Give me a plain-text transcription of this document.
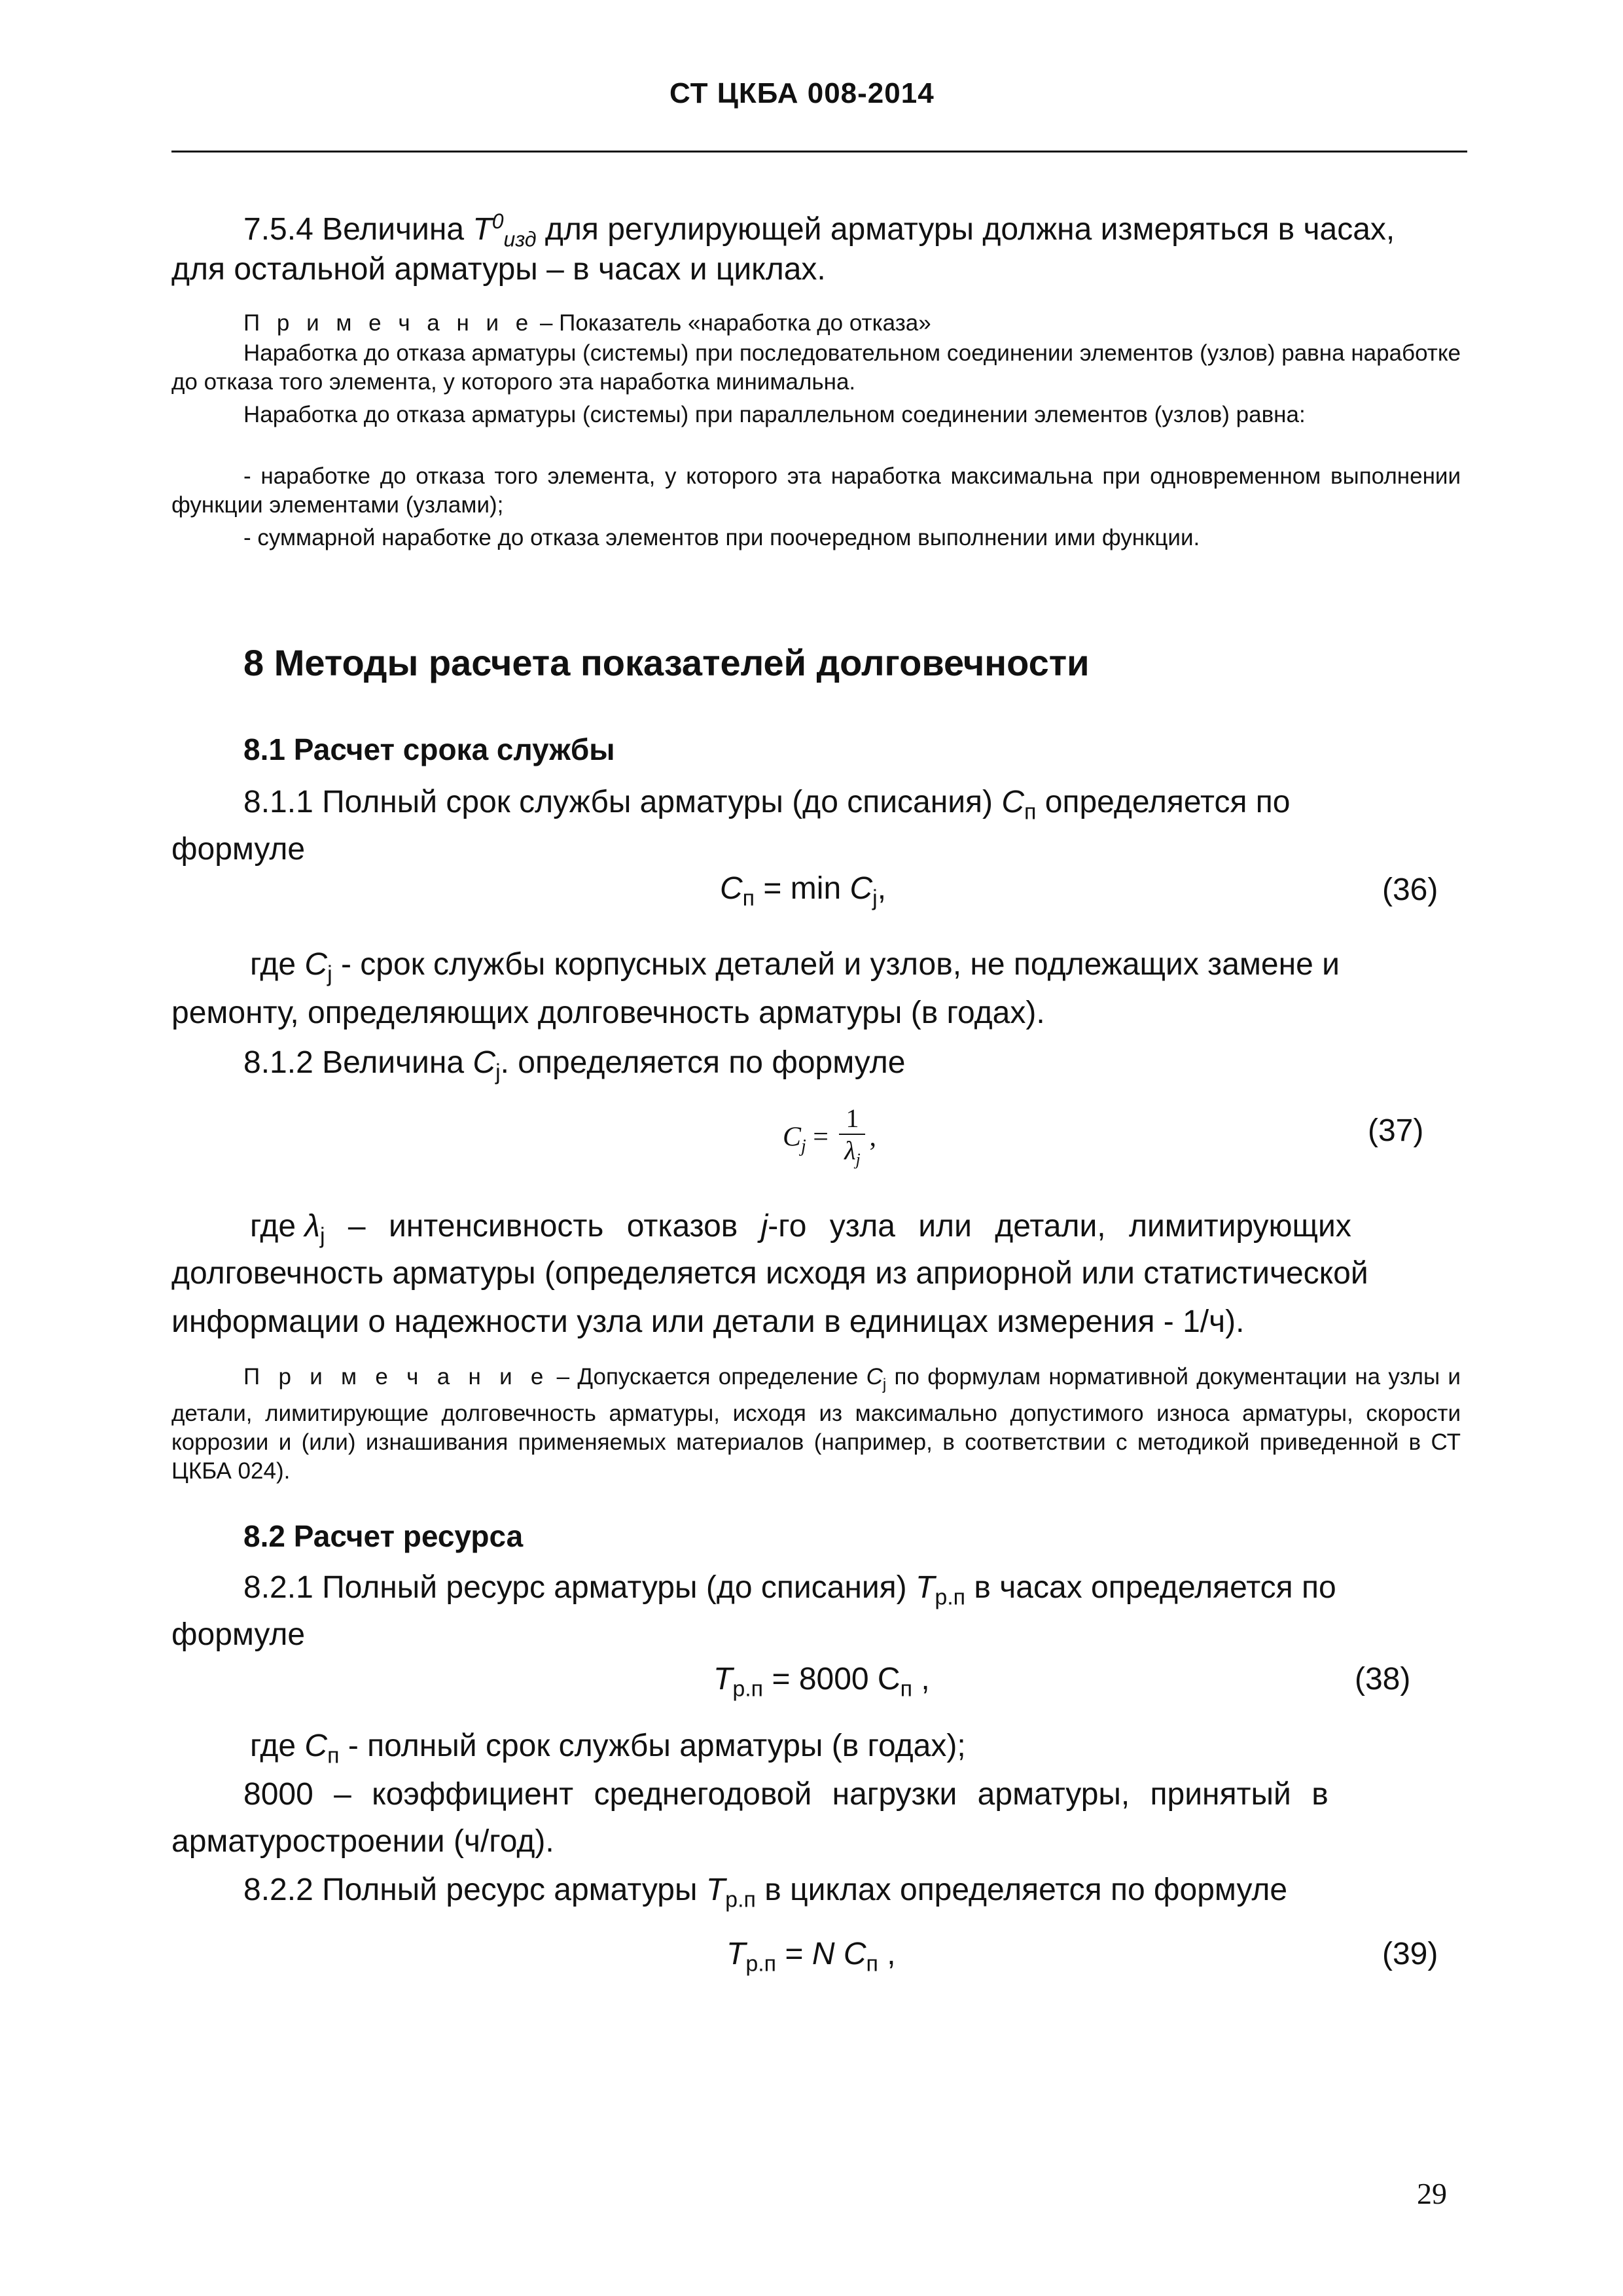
СТ ЦКБА 008-2014
7.5.4 Величина $T^0_{изд}$ для регулирующей арматуры должна измеряться в часах,
для остальной арматуры – в часах и циклах.
П р и м е ч а н и е – Показатель «наработка до отказа»
Наработка до отказа арматуры (системы) при последовательном соединении элементов (узлов) равна наработке до отказа того элемента, у которого эта наработка минимальна.
Наработка до отказа арматуры (системы) при параллельном соединении элементов (узлов) равна:
- наработке до отказа того элемента, у которого эта наработка максимальна при одновременном выполнении функции элементами (узлами);
- суммарной наработке до отказа элементов при поочередном выполнении ими функции.
8 Методы расчета показателей долговечности
8.1 Расчет срока службы
8.1.1 Полный срок службы арматуры (до списания) $C_п$ определяется по
формуле
$C_п = \min C_j$,	(36)
где $C_j$ - срок службы корпусных деталей и узлов, не подлежащих замене и
ремонту, определяющих долговечность арматуры (в годах).
8.1.2 Величина $C_j$. определяется по формуле
$C_j = \frac{1}{\lambda_j}$ ,	(37)
где $\lambda_j$ – интенсивность отказов j-го узла или детали, лимитирующих
долговечность арматуры (определяется исходя из априорной или статистической
информации о надежности узла или детали в единицах измерения - 1/ч).
П р и м е ч а н и е – Допускается определение $C_j$ по формулам нормативной документации на узлы и детали, лимитирующие долговечность арматуры, исходя из максимально допустимого износа арматуры, скорости коррозии и (или) изнашивания применяемых материалов (например, в соответствии с методикой приведенной в СТ ЦКБА 024).
8.2 Расчет ресурса
8.2.1 Полный ресурс арматуры (до списания) $T_{р.п}$ в часах определяется по
формуле
$T_{р.п} = 8000$ $С_п$ ,	(38)
где $C_п$ - полный срок службы арматуры (в годах);
8000 – коэффициент среднегодовой нагрузки арматуры, принятый в
арматуростроении (ч/год).
8.2.2 Полный ресурс арматуры $T_{р.п}$ в циклах определяется по формуле
$T_{р.п} = N$ $C_п$ ,	(39)
29
